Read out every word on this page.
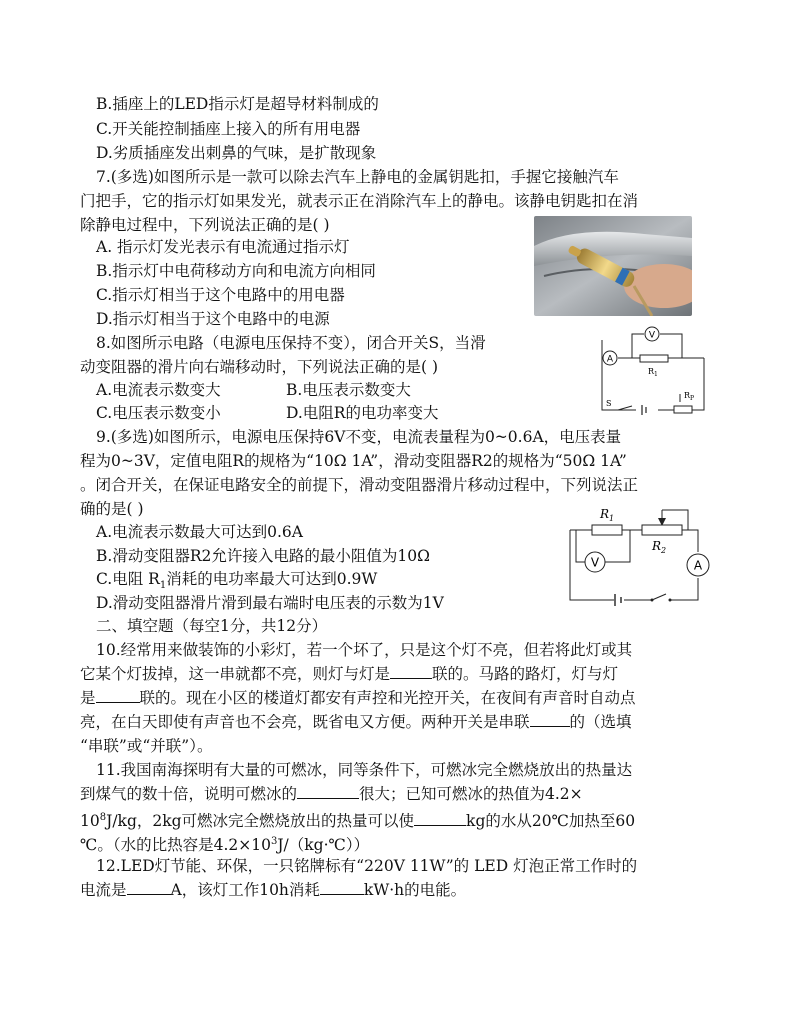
B.插座上的LED指示灯是超导材料制成的
C.开关能控制插座上接入的所有用电器
D.劣质插座发出刺鼻的气味，是扩散现象
7.(多选)如图所示是一款可以除去汽车上静电的金属钥匙扣，手握它接触汽车
门把手，它的指示灯如果发光，就表示正在消除汽车上的静电。该静电钥匙扣在消
除静电过程中，下列说法正确的是( )
A. 指示灯发光表示有电流通过指示灯
B.指示灯中电荷移动方向和电流方向相同
C.指示灯相当于这个电路中的用电器
D.指示灯相当于这个电路中的电源
8.如图所示电路（电源电压保持不变），闭合开关S，当滑
动变阻器的滑片向右端移动时，下列说法正确的是( )
A.电流表示数变大	B.电压表示数变大
C.电压表示数变小	D.电阻R的电功率变大
A
V
$R_1$
$R_P$
S
9.(多选)如图所示，电源电压保持6V不变，电流表量程为0~0.6A，电压表量
程为0~3V，定值电阻R的规格为“10Ω 1A”，滑动变阻器R2的规格为“50Ω 1A”
。闭合开关，在保证电路安全的前提下，滑动变阻器滑片移动过程中，下列说法正
确的是( )
A.电流表示数最大可达到0.6A
B.滑动变阻器R2允许接入电路的最小阻值为10Ω
C.电阻 $R_1$消耗的电功率最大可达到0.9W
D.滑动变阻器滑片滑到最右端时电压表的示数为1V
$R_1$
$R_2$
V	A
二、填空题（每空1分，共12分）
10.经常用来做装饰的小彩灯，若一个坏了，只是这个灯不亮，但若将此灯或其
它某个灯拔掉，这一串就都不亮，则灯与灯是	联的。马路的路灯，灯与灯
是	联的。现在小区的楼道灯都安有声控和光控开关，在夜间有声音时自动点
亮，在白天即使有声音也不会亮，既省电又方便。两种开关是串联	的（选填
“串联”或“并联”）。
11.我国南海探明有大量的可燃冰，同等条件下，可燃冰完全燃烧放出的热量达
到煤气的数十倍，说明可燃冰的	很大；已知可燃冰的热值为4.2×
$10^8J/kg$，2kg可燃冰完全燃烧放出的热量可以使	kg的水从20℃加热至60
℃。（水的比热容是$4.2\times 10^3J/(kg\cdot℃)$）
12.LED灯节能、环保，一只铭牌标有“220V 11W”的 LED 灯泡正常工作时的
电流是	A，该灯工作10h消耗	kW·h的电能。
